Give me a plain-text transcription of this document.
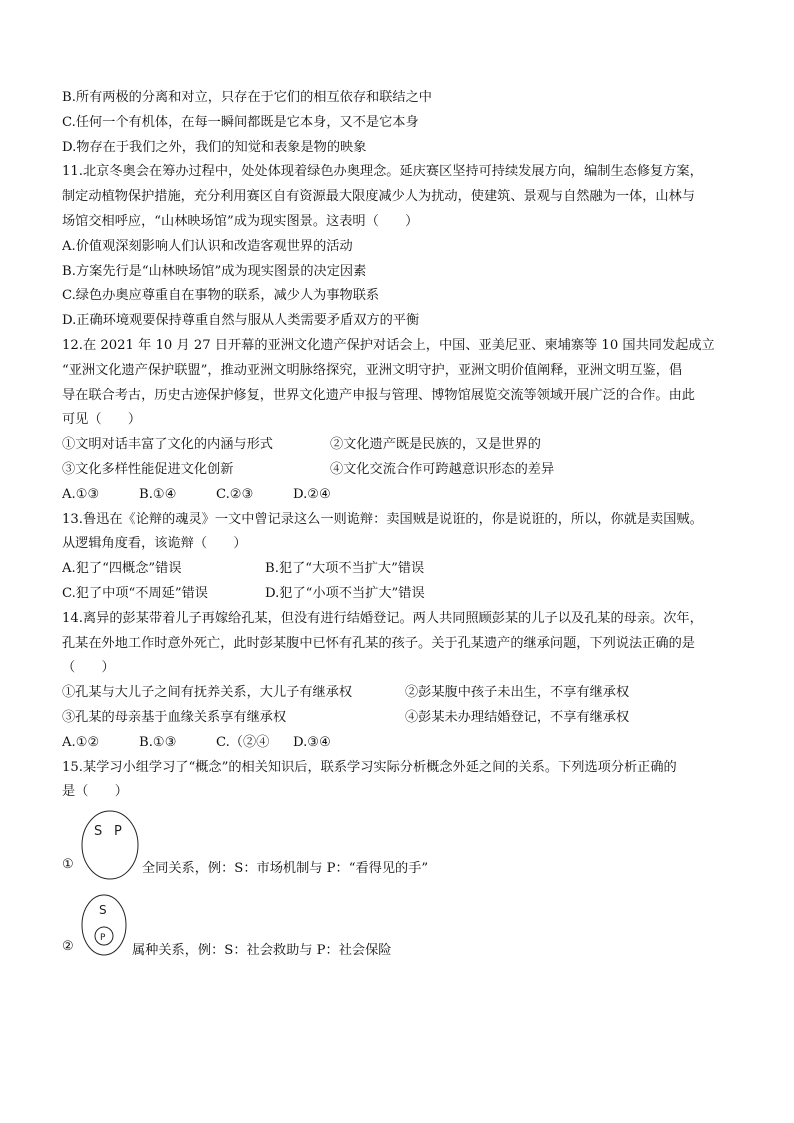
B.所有两极的分离和对立，只存在于它们的相互依存和联结之中
C.任何一个有机体，在每一瞬间都既是它本身，又不是它本身
D.物存在于我们之外，我们的知觉和表象是物的映象
11.北京冬奥会在筹办过程中，处处体现着绿色办奥理念。延庆赛区坚持可持续发展方向，编制生态修复方案，
制定动植物保护措施，充分利用赛区自有资源最大限度减少人为扰动，使建筑、景观与自然融为一体，山林与
场馆交相呼应，“山林映场馆”成为现实图景。这表明（　　）
A.价值观深刻影响人们认识和改造客观世界的活动
B.方案先行是“山林映场馆”成为现实图景的决定因素
C.绿色办奥应尊重自在事物的联系，减少人为事物联系
D.正确环境观要保持尊重自然与服从人类需要矛盾双方的平衡
12.在 2021 年 10 月 27 日开幕的亚洲文化遗产保护对话会上，中国、亚美尼亚、柬埔寨等 10 国共同发起成立
“亚洲文化遗产保护联盟”，推动亚洲文明脉络探究，亚洲文明守护，亚洲文明价值阐释，亚洲文明互鉴，倡
导在联合考古，历史古迹保护修复，世界文化遗产申报与管理、博物馆展览交流等领域开展广泛的合作。由此
可见（　　）
①文明对话丰富了文化的内涵与形式	②文化遗产既是民族的，又是世界的
③文化多样性能促进文化创新	④文化交流合作可跨越意识形态的差异
A.①③	B.①④	C.②③	D.②④
13.鲁迅在《论辩的魂灵》一文中曾记录这么一则诡辩：卖国贼是说诳的，你是说诳的，所以，你就是卖国贼。
从逻辑角度看，该诡辩（　　）
A.犯了“四概念”错误	B.犯了“大项不当扩大”错误
C.犯了中项“不周延”错误	D.犯了“小项不当扩大”错误
14.离异的彭某带着儿子再嫁给孔某，但没有进行结婚登记。两人共同照顾彭某的儿子以及孔某的母亲。次年，
孔某在外地工作时意外死亡，此时彭某腹中已怀有孔某的孩子。关于孔某遗产的继承问题，下列说法正确的是
（　　）
①孔某与大儿子之间有抚养关系，大儿子有继承权	②彭某腹中孩子未出生，不享有继承权
③孔某的母亲基于血缘关系享有继承权	④彭某未办理结婚登记，不享有继承权
A.①②	B.①③	C.（②④ D.③④
15.某学习小组学习了“概念”的相关知识后，联系学习实际分析概念外延之间的关系。下列选项分析正确的
是（　　）
S P
①	全同关系，例：S：市场机制与 P：“看得见的手”
S
P
②	属种关系，例：S：社会救助与 P：社会保险
